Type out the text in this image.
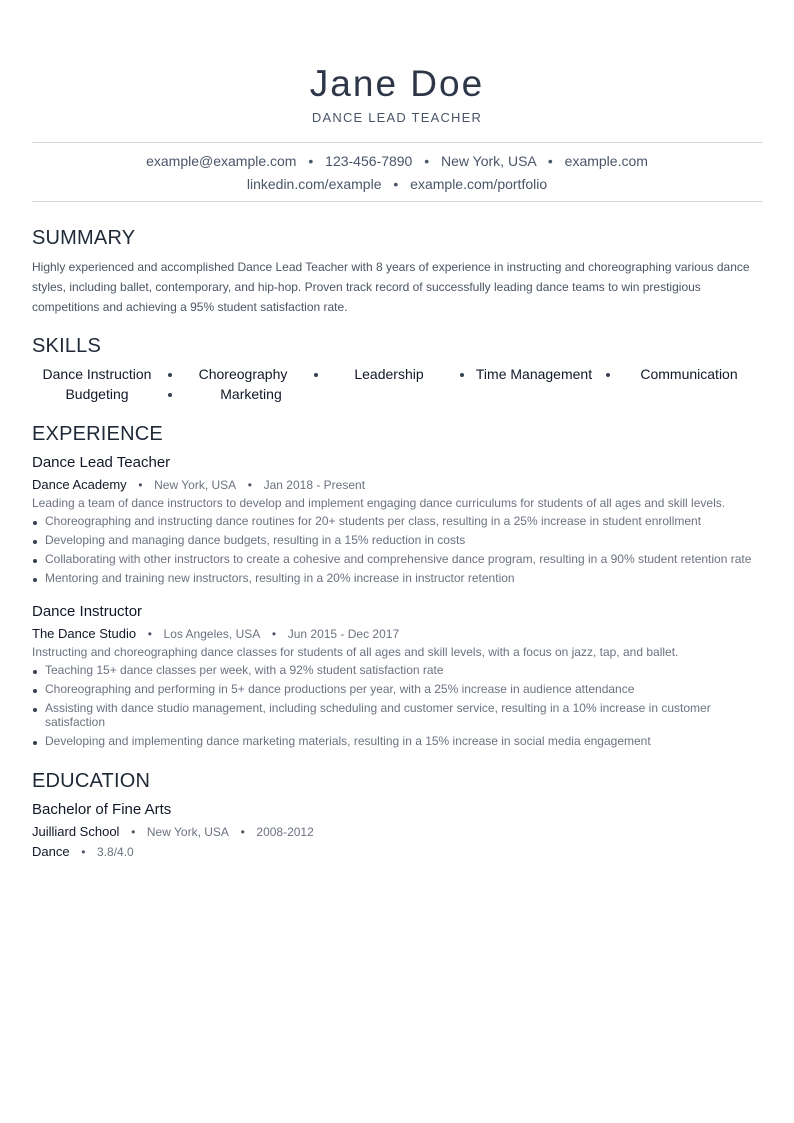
Jane Doe
DANCE LEAD TEACHER
example@example.com • 123-456-7890 • New York, USA • example.com
linkedin.com/example • example.com/portfolio
SUMMARY
Highly experienced and accomplished Dance Lead Teacher with 8 years of experience in instructing and choreographing various dance styles, including ballet, contemporary, and hip-hop. Proven track record of successfully leading dance teams to win prestigious competitions and achieving a 95% student satisfaction rate.
SKILLS
Dance Instruction	Choreography	Leadership	Time Management	Communication
Budgeting	Marketing
EXPERIENCE
Dance Lead Teacher
Dance Academy • New York, USA • Jan 2018 - Present
Leading a team of dance instructors to develop and implement engaging dance curriculums for students of all ages and skill levels.
Choreographing and instructing dance routines for 20+ students per class, resulting in a 25% increase in student enrollment
Developing and managing dance budgets, resulting in a 15% reduction in costs
Collaborating with other instructors to create a cohesive and comprehensive dance program, resulting in a 90% student retention rate
Mentoring and training new instructors, resulting in a 20% increase in instructor retention
Dance Instructor
The Dance Studio • Los Angeles, USA • Jun 2015 - Dec 2017
Instructing and choreographing dance classes for students of all ages and skill levels, with a focus on jazz, tap, and ballet.
Teaching 15+ dance classes per week, with a 92% student satisfaction rate
Choreographing and performing in 5+ dance productions per year, with a 25% increase in audience attendance
Assisting with dance studio management, including scheduling and customer service, resulting in a 10% increase in customer satisfaction
Developing and implementing dance marketing materials, resulting in a 15% increase in social media engagement
EDUCATION
Bachelor of Fine Arts
Juilliard School • New York, USA • 2008-2012
Dance • 3.8/4.0
